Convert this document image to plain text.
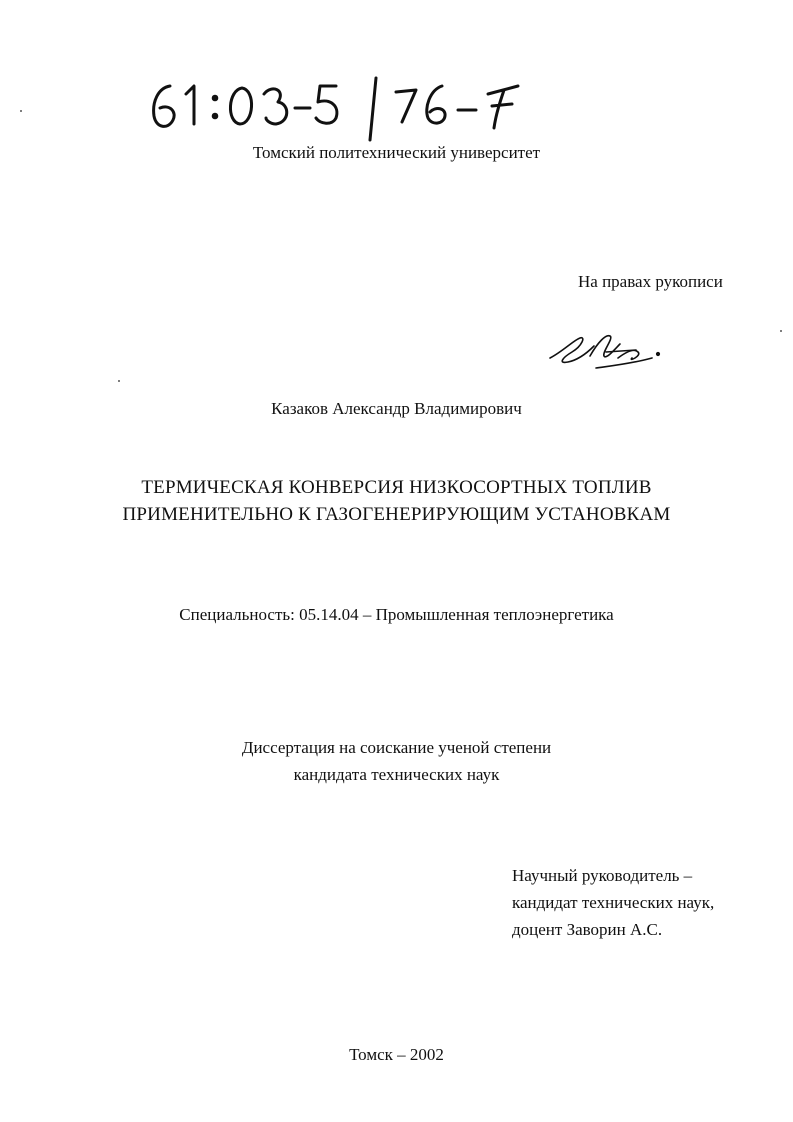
Томский политехнический университет
На правах рукописи
Казаков Александр Владимирович
ТЕРМИЧЕСКАЯ КОНВЕРСИЯ НИЗКОСОРТНЫХ ТОПЛИВ
ПРИМЕНИТЕЛЬНО К ГАЗОГЕНЕРИРУЮЩИМ УСТАНОВКАМ
Специальность: 05.14.04 – Промышленная теплоэнергетика
Диссертация на соискание ученой степени
кандидата технических наук
Научный руководитель –
кандидат технических наук,
доцент Заворин А.С.
Томск – 2002
